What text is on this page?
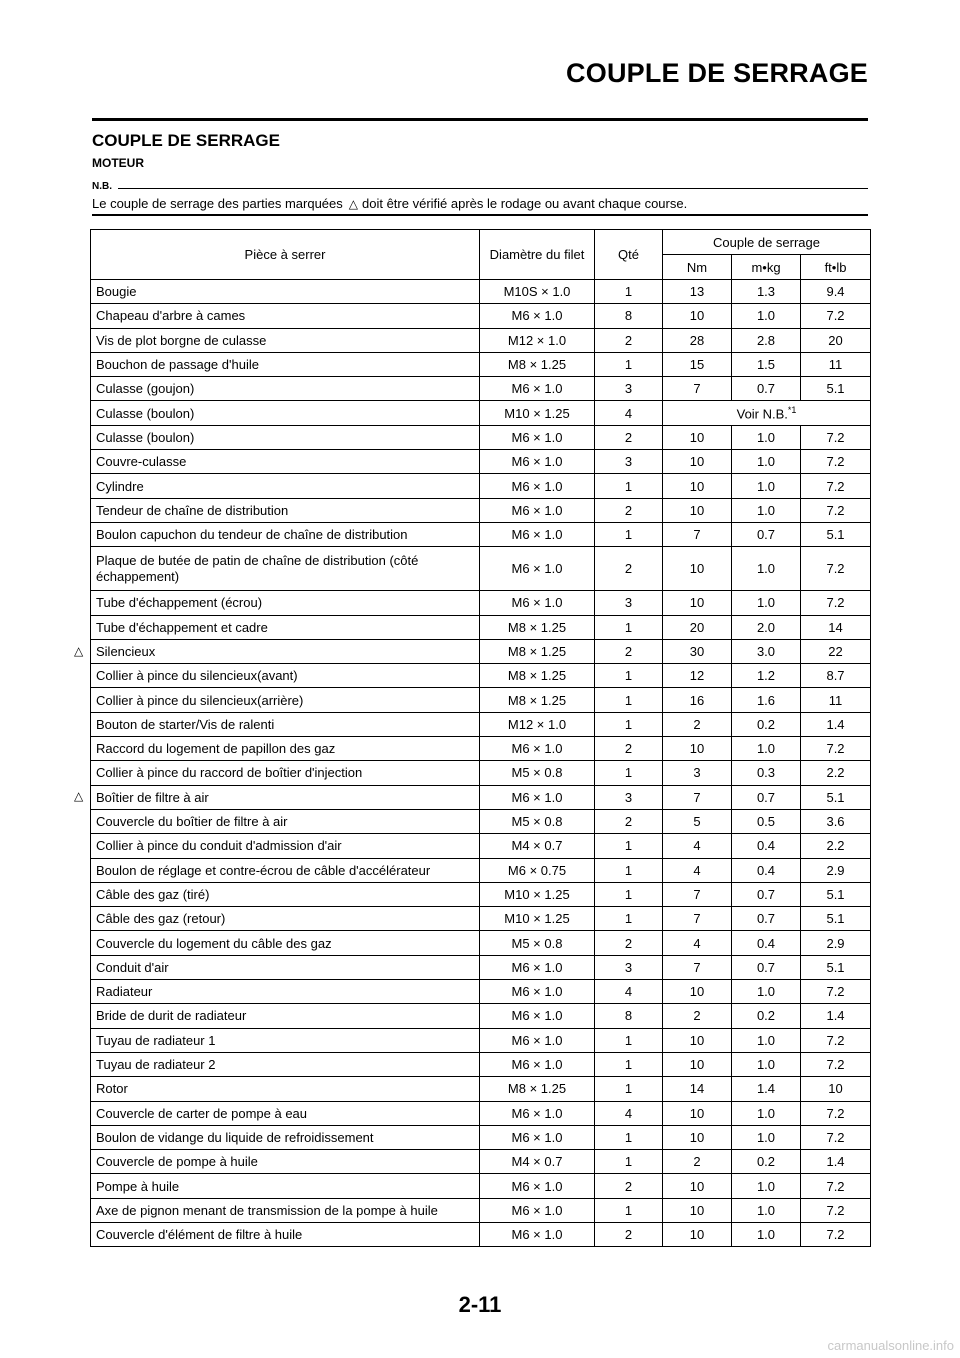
COUPLE DE SERRAGE
COUPLE DE SERRAGE
MOTEUR
N.B.
Le couple de serrage des parties marquées △ doit être vérifié après le rodage ou avant chaque course.
Pièce à serrer	Diamètre du filet	Qté	Couple de serrage		
			Nm	m•kg	ft•lb
Bougie	M10S × 1.0	1	13	1.3	9.4
Chapeau d'arbre à cames	M6 × 1.0	8	10	1.0	7.2
Vis de plot borgne de culasse	M12 × 1.0	2	28	2.8	20
Bouchon de passage d'huile	M8 × 1.25	1	15	1.5	11
Culasse (goujon)	M6 × 1.0	3	7	0.7	5.1
Culasse (boulon)	M10 × 1.25	4	Voir N.B.$^{*1}$
Culasse (boulon)	M6 × 1.0	2	10	1.0	7.2
Couvre-culasse	M6 × 1.0	3	10	1.0	7.2
Cylindre	M6 × 1.0	1	10	1.0	7.2
Tendeur de chaîne de distribution	M6 × 1.0	2	10	1.0	7.2
Boulon capuchon du tendeur de chaîne de distribution	M6 × 1.0	1	7	0.7	5.1
Plaque de butée de patin de chaîne de distribution (côté échappement)	M6 × 1.0	2	10	1.0	7.2
Tube d'échappement (écrou)	M6 × 1.0	3	10	1.0	7.2
Tube d'échappement et cadre	M8 × 1.25	1	20	2.0	14
Silencieux	M8 × 1.25	2	30	3.0	22
Collier à pince du silencieux(avant)	M8 × 1.25	1	12	1.2	8.7
Collier à pince du silencieux(arrière)	M8 × 1.25	1	16	1.6	11
Bouton de starter/Vis de ralenti	M12 × 1.0	1	2	0.2	1.4
Raccord du logement de papillon des gaz	M6 × 1.0	2	10	1.0	7.2
Collier à pince du raccord de boîtier d'injection	M5 × 0.8	1	3	0.3	2.2
Boîtier de filtre à air	M6 × 1.0	3	7	0.7	5.1
Couvercle du boîtier de filtre à air	M5 × 0.8	2	5	0.5	3.6
Collier à pince du conduit d'admission d'air	M4 × 0.7	1	4	0.4	2.2
Boulon de réglage et contre-écrou de câble d'accélérateur	M6 × 0.75	1	4	0.4	2.9
Câble des gaz (tiré)	M10 × 1.25	1	7	0.7	5.1
Câble des gaz (retour)	M10 × 1.25	1	7	0.7	5.1
Couvercle du logement du câble des gaz	M5 × 0.8	2	4	0.4	2.9
Conduit d'air	M6 × 1.0	3	7	0.7	5.1
Radiateur	M6 × 1.0	4	10	1.0	7.2
Bride de durit de radiateur	M6 × 1.0	8	2	0.2	1.4
Tuyau de radiateur 1	M6 × 1.0	1	10	1.0	7.2
Tuyau de radiateur 2	M6 × 1.0	1	10	1.0	7.2
Rotor	M8 × 1.25	1	14	1.4	10
Couvercle de carter de pompe à eau	M6 × 1.0	4	10	1.0	7.2
Boulon de vidange du liquide de refroidissement	M6 × 1.0	1	10	1.0	7.2
Couvercle de pompe à huile	M4 × 0.7	1	2	0.2	1.4
Pompe à huile	M6 × 1.0	2	10	1.0	7.2
Axe de pignon menant de transmission de la pompe à huile	M6 × 1.0	1	10	1.0	7.2
Couvercle d'élément de filtre à huile	M6 × 1.0	2	10	1.0	7.2
△
△
2-11
carmanualsonline.info
